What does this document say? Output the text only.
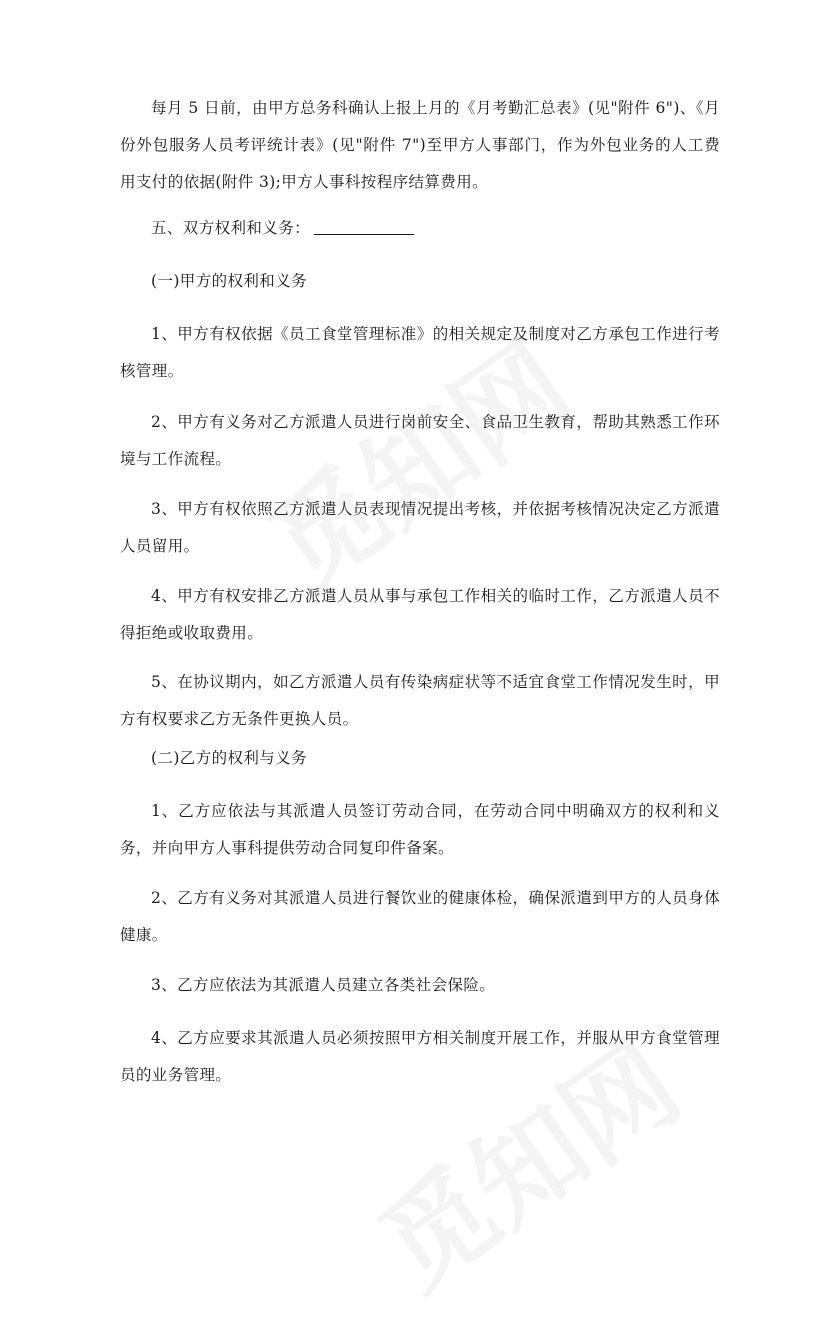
每月 5 日前，由甲方总务科确认上报上月的《月考勤汇总表》(见"附件 6")、《月份外包服务人员考评统计表》(见"附件 7")至甲方人事部门，作为外包业务的人工费用支付的依据(附件 3);甲方人事科按程序结算费用。

五、双方权利和义务：

(一)甲方的权利和义务

1、甲方有权依据《员工食堂管理标准》的相关规定及制度对乙方承包工作进行考核管理。

2、甲方有义务对乙方派遣人员进行岗前安全、食品卫生教育，帮助其熟悉工作环境与工作流程。

3、甲方有权依照乙方派遣人员表现情况提出考核，并依据考核情况决定乙方派遣人员留用。

4、甲方有权安排乙方派遣人员从事与承包工作相关的临时工作，乙方派遣人员不得拒绝或收取费用。

5、在协议期内，如乙方派遣人员有传染病症状等不适宜食堂工作情况发生时，甲方有权要求乙方无条件更换人员。

(二)乙方的权利与义务

1、乙方应依法与其派遣人员签订劳动合同，在劳动合同中明确双方的权利和义务，并向甲方人事科提供劳动合同复印件备案。

2、乙方有义务对其派遣人员进行餐饮业的健康体检，确保派遣到甲方的人员身体健康。

3、乙方应依法为其派遣人员建立各类社会保险。

4、乙方应要求其派遣人员必须按照甲方相关制度开展工作，并服从甲方食堂管理员的业务管理。
